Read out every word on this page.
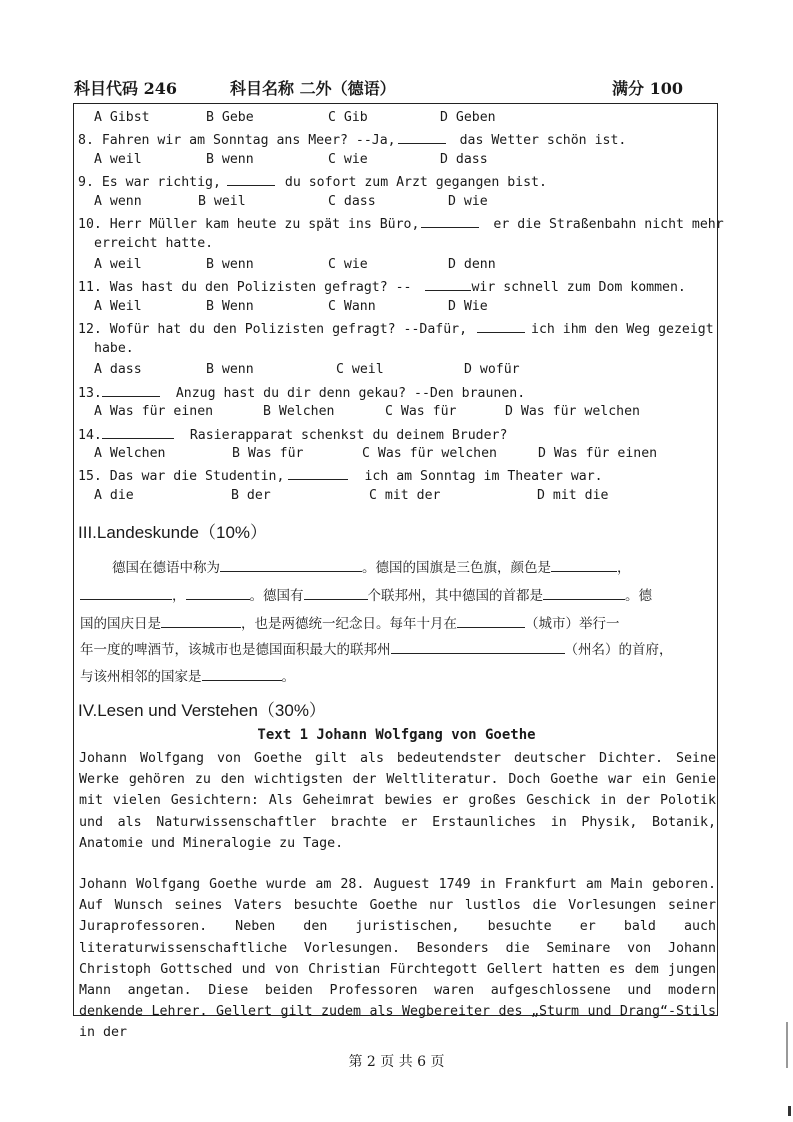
科目代码 246	科目名称 二外（德语）	满分 100
A Gibst	B Gebe	C Gib	D Geben
8. Fahren wir am Sonntag ans Meer? --Ja,	das Wetter schön ist.
A weil	B wenn	C wie	D dass
9. Es war richtig,	du sofort zum Arzt gegangen bist.
A wenn	B weil	C dass	D wie
10. Herr Müller kam heute zu spät ins Büro,	er die Straßenbahn nicht mehr
erreicht hatte.
A weil	B wenn	C wie	D denn
11. Was hast du den Polizisten gefragt? --	wir schnell zum Dom kommen.
A Weil	B Wenn	C Wann	D Wie
12. Wofür hat du den Polizisten gefragt? --Dafür,	ich ihm den Weg gezeigt
habe.
A dass	B wenn	C weil	D wofür
13.	Anzug hast du dir denn gekau? --Den braunen.
A Was für einen	B Welchen	C Was für	D Was für welchen
14.	Rasierapparat schenkst du deinem Bruder?
A Welchen	B Was für	C Was für welchen	D Was für einen
15. Das war die Studentin,	ich am Sonntag im Theater war.
A die	B der	C mit der	D mit die
III.Landeskunde（10%）
德国在德语中称为	。德国的国旗是三色旗，颜色是	，
，	。德国有	个联邦州，其中德国的首都是	。德
国的国庆日是	，也是两德统一纪念日。每年十月在	（城市）举行一
年一度的啤酒节，该城市也是德国面积最大的联邦州	（州名）的首府，
与该州相邻的国家是	。
IV.Lesen und Verstehen（30%）
Text 1 Johann Wolfgang von Goethe
Johann Wolfgang von Goethe gilt als bedeutendster deutscher Dichter. Seine Werke gehören zu den wichtigsten der Weltliteratur. Doch Goethe war ein Genie mit vielen Gesichtern: Als Geheimrat bewies er großes Geschick in der Polotik und als Naturwissenschaftler brachte er Erstaunliches in Physik, Botanik, Anatomie und Mineralogie zu Tage.
Johann Wolfgang Goethe wurde am 28. Auguest 1749 in Frankfurt am Main geboren. Auf Wunsch seines Vaters besuchte Goethe nur lustlos die Vorlesungen seiner Juraprofessoren. Neben den juristischen, besuchte er bald auch literaturwissenschaftliche Vorlesungen. Besonders die Seminare von Johann Christoph Gottsched und von Christian Fürchtegott Gellert hatten es dem jungen Mann angetan. Diese beiden Professoren waren aufgeschlossene und modern denkende Lehrer. Gellert gilt zudem als Wegbereiter des „Sturm und Drang“-Stils in der
第 2 页 共 6 页
